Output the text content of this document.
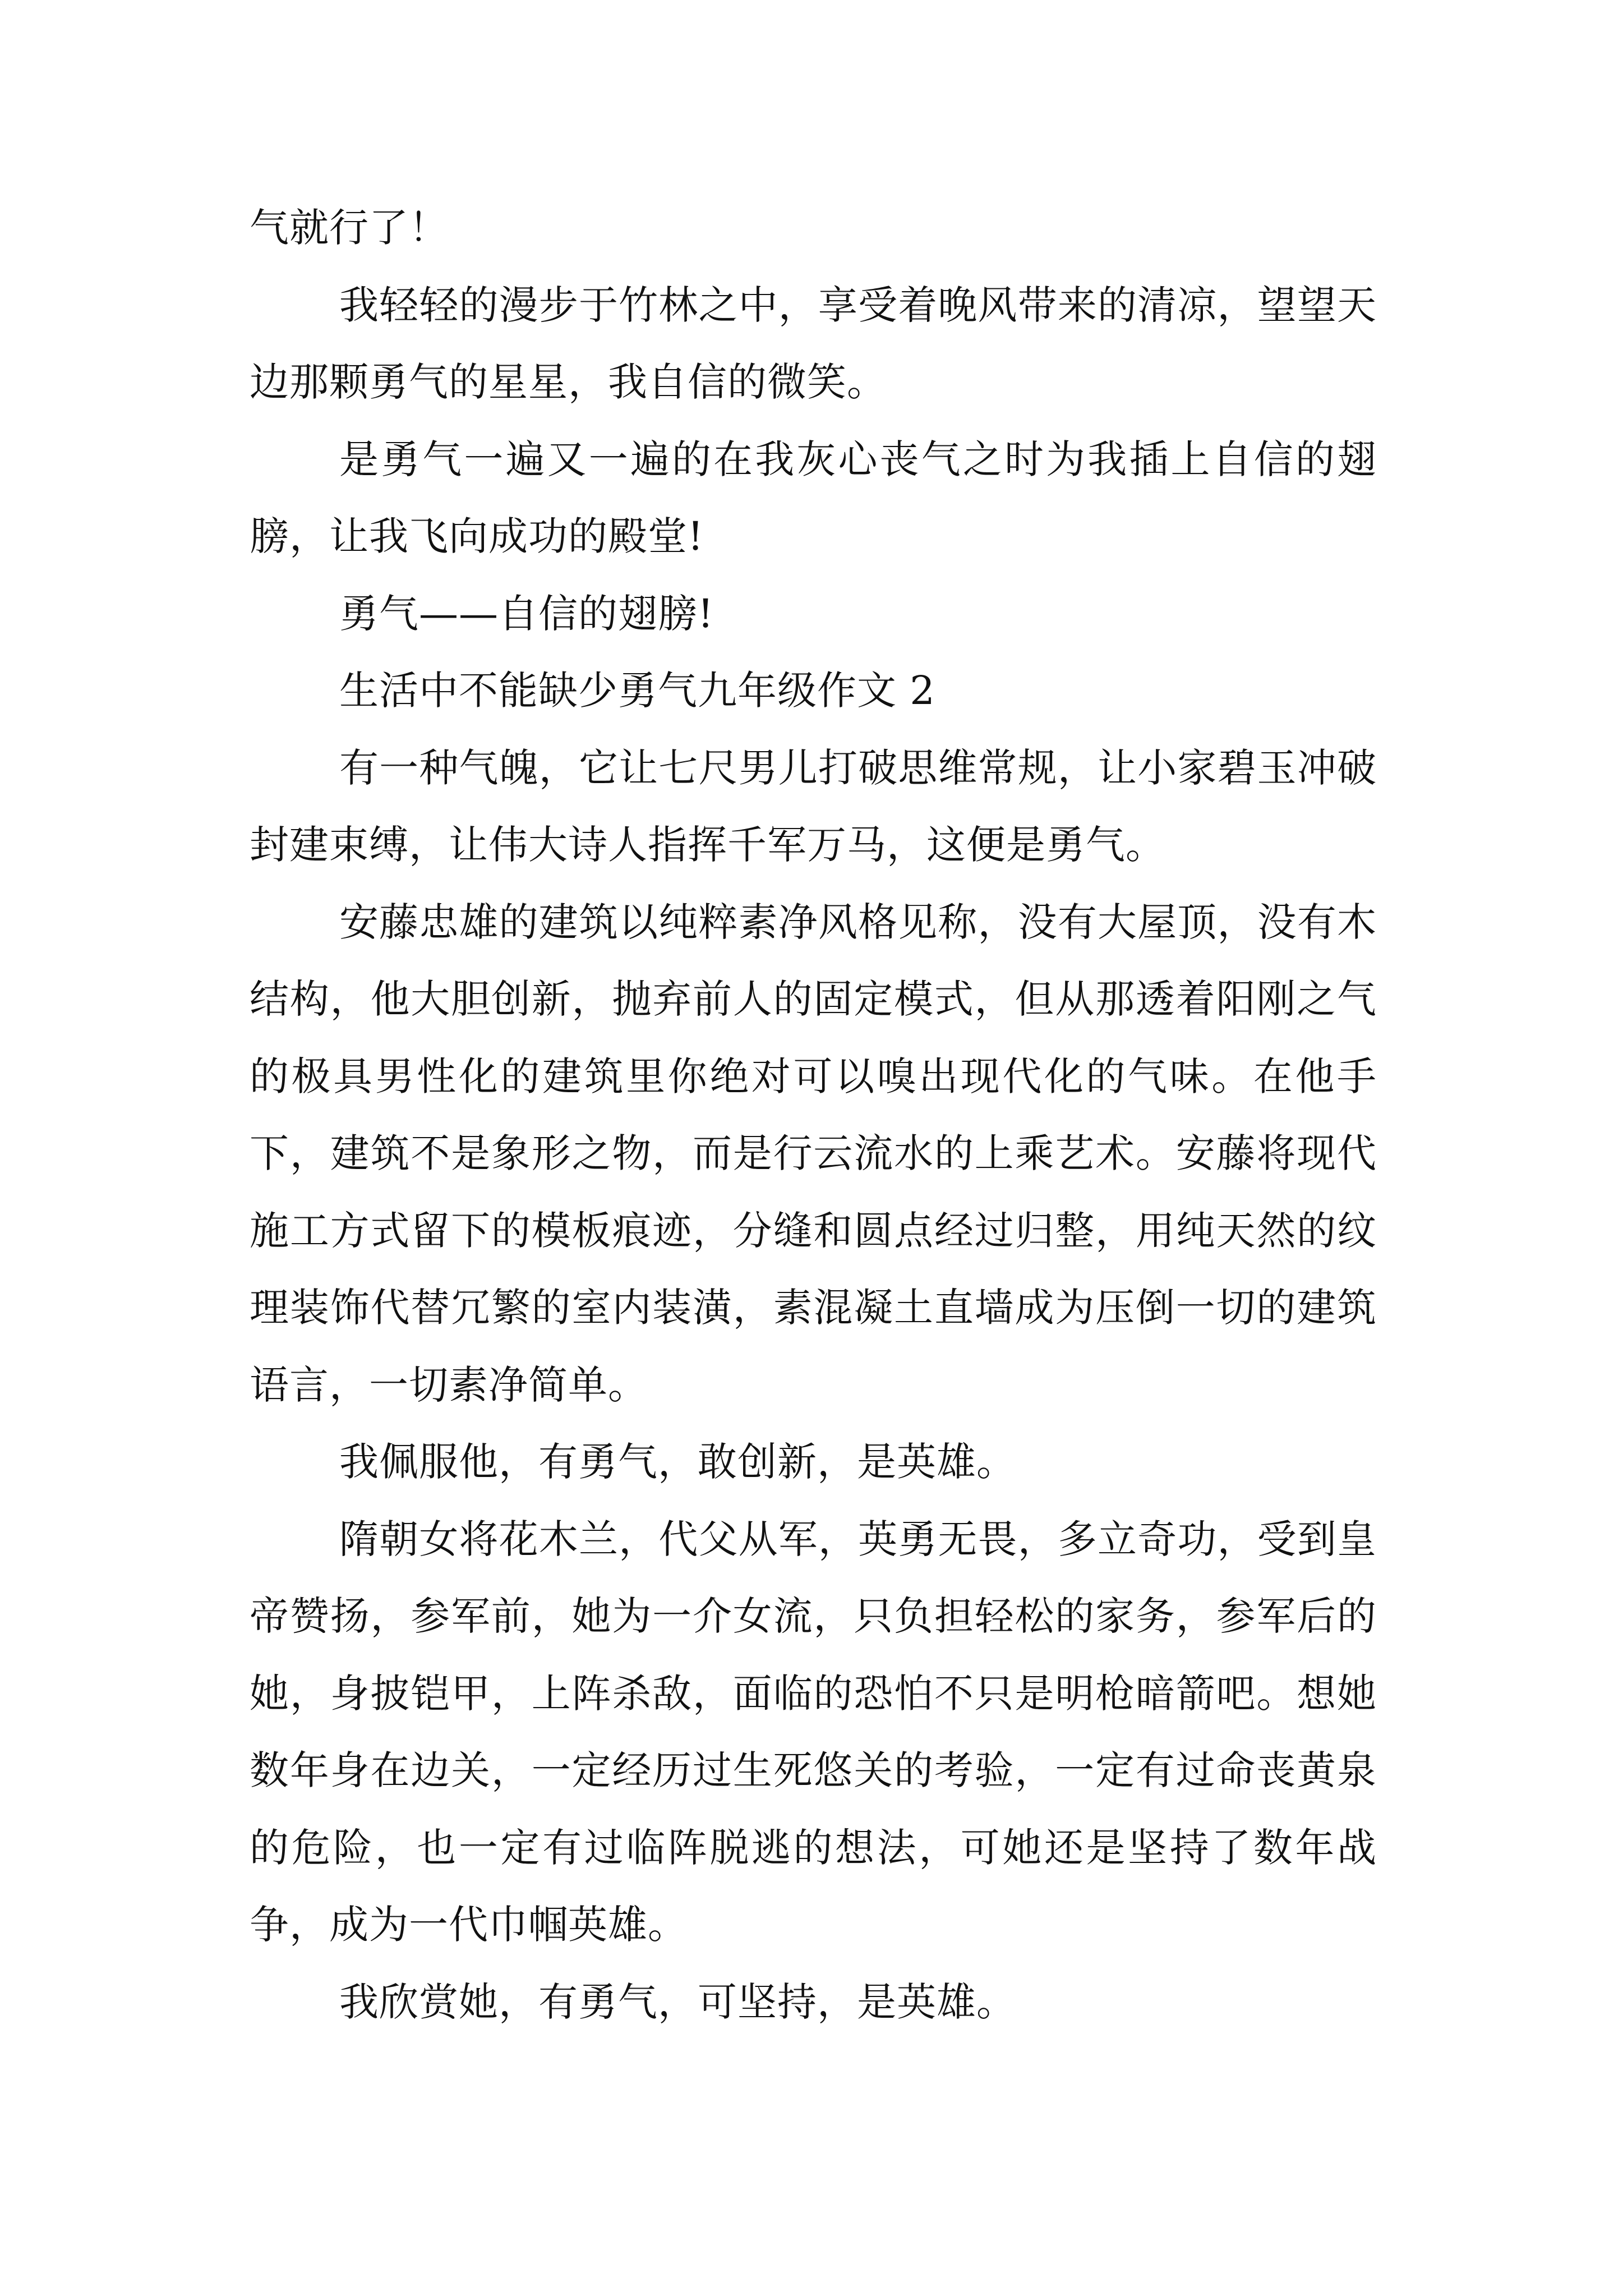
气就行了！

我轻轻的漫步于竹林之中，享受着晚风带来的清凉，望望天边那颗勇气的星星，我自信的微笑。

是勇气一遍又一遍的在我灰心丧气之时为我插上自信的翅膀，让我飞向成功的殿堂!

勇气——自信的翅膀!

生活中不能缺少勇气九年级作文 2

有一种气魄，它让七尺男儿打破思维常规，让小家碧玉冲破封建束缚，让伟大诗人指挥千军万马，这便是勇气。

安藤忠雄的建筑以纯粹素净风格见称，没有大屋顶，没有木结构，他大胆创新，抛弃前人的固定模式，但从那透着阳刚之气的极具男性化的建筑里你绝对可以嗅出现代化的气味。在他手下，建筑不是象形之物，而是行云流水的上乘艺术。安藤将现代施工方式留下的模板痕迹，分缝和圆点经过归整，用纯天然的纹理装饰代替冗繁的室内装潢，素混凝土直墙成为压倒一切的建筑语言，一切素净简单。

我佩服他，有勇气，敢创新，是英雄。

隋朝女将花木兰，代父从军，英勇无畏，多立奇功，受到皇帝赞扬，参军前，她为一介女流，只负担轻松的家务，参军后的她，身披铠甲，上阵杀敌，面临的恐怕不只是明枪暗箭吧。想她数年身在边关，一定经历过生死悠关的考验，一定有过命丧黄泉的危险，也一定有过临阵脱逃的想法，可她还是坚持了数年战争，成为一代巾帼英雄。

我欣赏她，有勇气，可坚持，是英雄。
